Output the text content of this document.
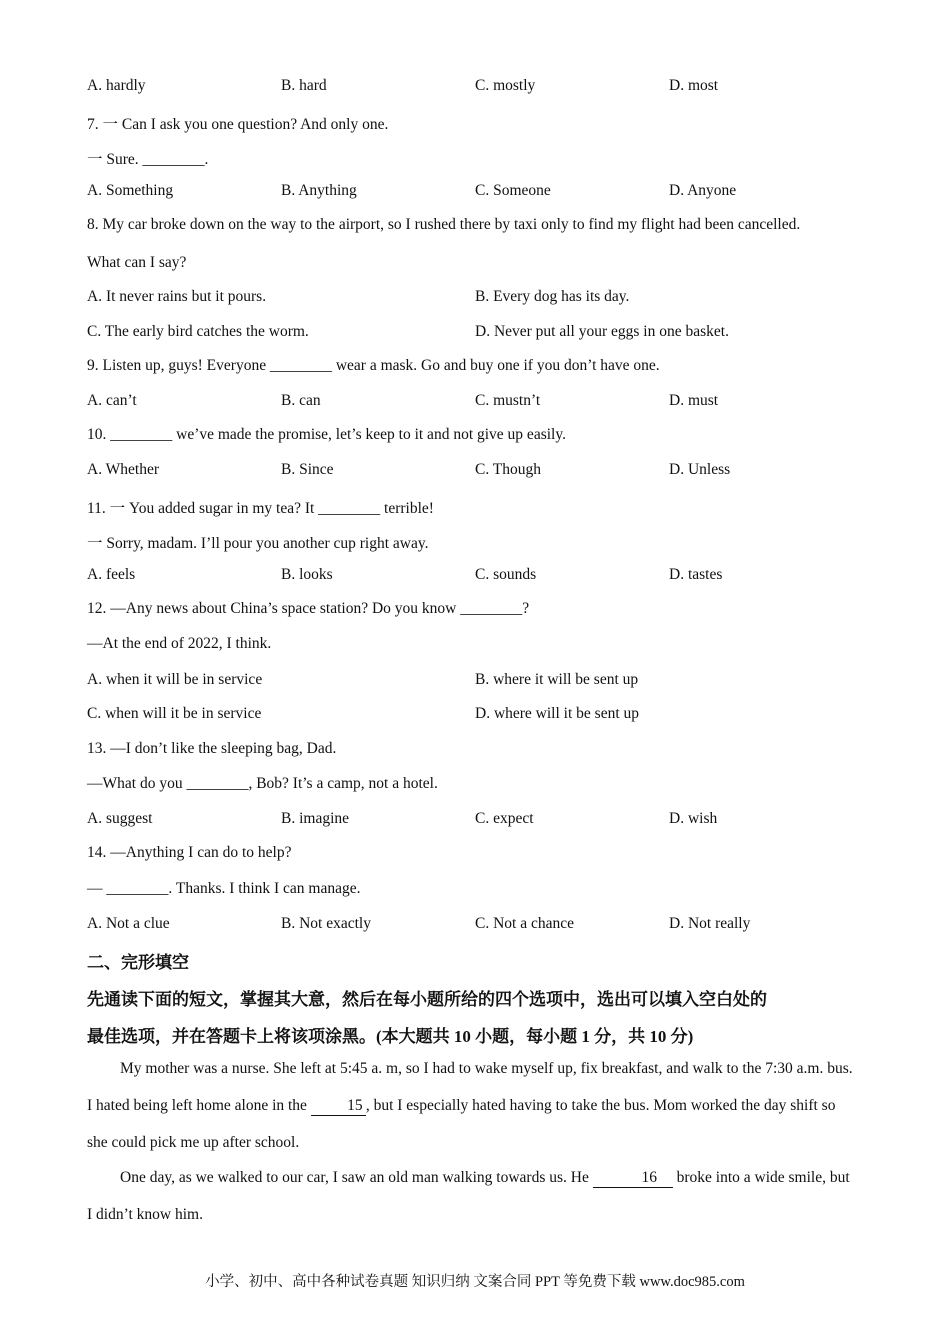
A. hardly	B. hard	C. mostly	D. most
7. 一 Can I ask you one question? And only one.
一 Sure. ________.
A. Something	B. Anything	C. Someone	D. Anyone
8. My car broke down on the way to the airport, so I rushed there by taxi only to find my flight had been cancelled.
What can I say?
A. It never rains but it pours.	B. Every dog has its day.
C. The early bird catches the worm.	D. Never put all your eggs in one basket.
9. Listen up, guys! Everyone ________ wear a mask. Go and buy one if you don’t have one.
A. can’t	B. can	C. mustn’t	D. must
10. ________ we’ve made the promise, let’s keep to it and not give up easily.
A. Whether	B. Since	C. Though	D. Unless
11. 一 You added sugar in my tea? It ________ terrible!
一 Sorry, madam. I’ll pour you another cup right away.
A. feels	B. looks	C. sounds	D. tastes
12. —Any news about China’s space station? Do you know ________?
—At the end of 2022, I think.
A. when it will be in service	B. where it will be sent up
C. when will it be in service	D. where will it be sent up
13. —I don’t like the sleeping bag, Dad.
—What do you ________, Bob? It’s a camp, not a hotel.
A. suggest	B. imagine	C. expect	D. wish
14. —Anything I can do to help?
— ________. Thanks. I think I can manage.
A. Not a clue	B. Not exactly	C. Not a chance	D. Not really
二、完形填空
先通读下面的短文，掌握其大意，然后在每小题所给的四个选项中，选出可以填入空白处的
最佳选项，并在答题卡上将该项涂黑。(本大题共 10 小题，每小题 1 分，共 10 分)
My mother was a nurse. She left at 5:45 a. m, so I had to wake myself up, fix breakfast, and walk to the 7:30 a.m. bus. I hated being left home alone in the 15 , but I especially hated having to take the bus. Mom worked the day shift so she could pick me up after school.
One day, as we walked to our car, I saw an old man walking towards us. He	16 broke into a wide smile, but I didn’t know him.
小学、初中、高中各种试卷真题 知识归纳 文案合同 PPT 等免费下载 www.doc985.com
